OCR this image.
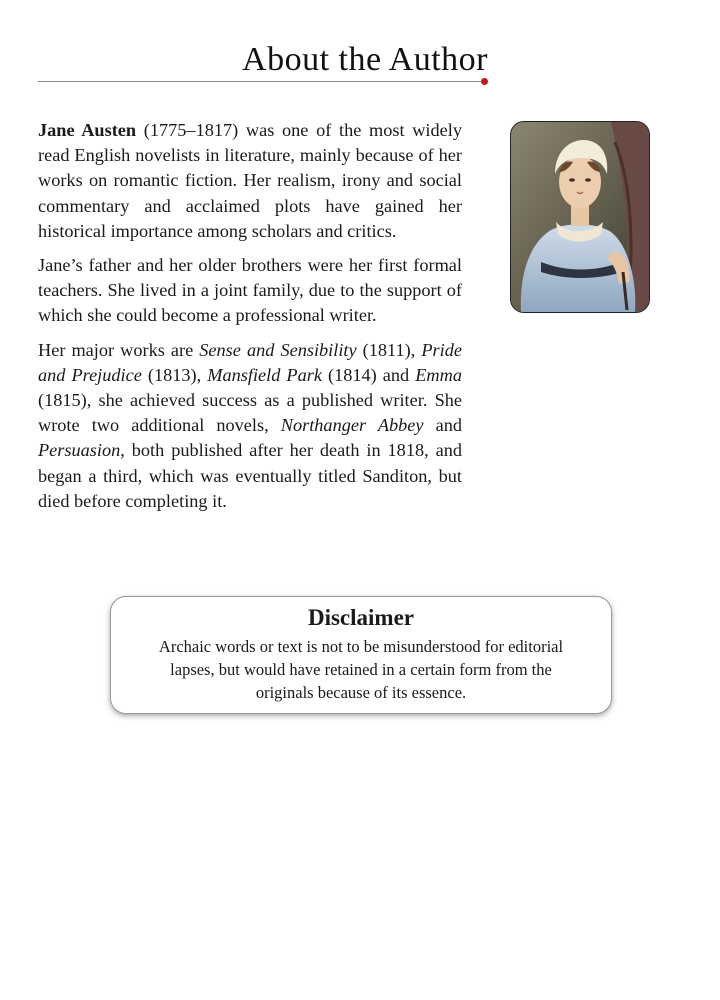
About the Author

Jane Austen (1775–1817) was one of the most widely read English novelists in literature, mainly because of her works on romantic fiction. Her realism, irony and social commentary and acclaimed plots have gained her historical importance among scholars and critics.

Jane’s father and her older brothers were her first formal teachers. She lived in a joint family, due to the support of which she could become a professional writer.

Her major works are Sense and Sensibility (1811), Pride and Prejudice (1813), Mansfield Park (1814) and Emma (1815), she achieved success as a published writer. She wrote two additional novels, Northanger Abbey and Persuasion, both published after her death in 1818, and began a third, which was eventually titled Sanditon, but died before completing it.

Disclaimer
Archaic words or text is not to be misunderstood for editorial lapses, but would have retained in a certain form from the originals because of its essence.
